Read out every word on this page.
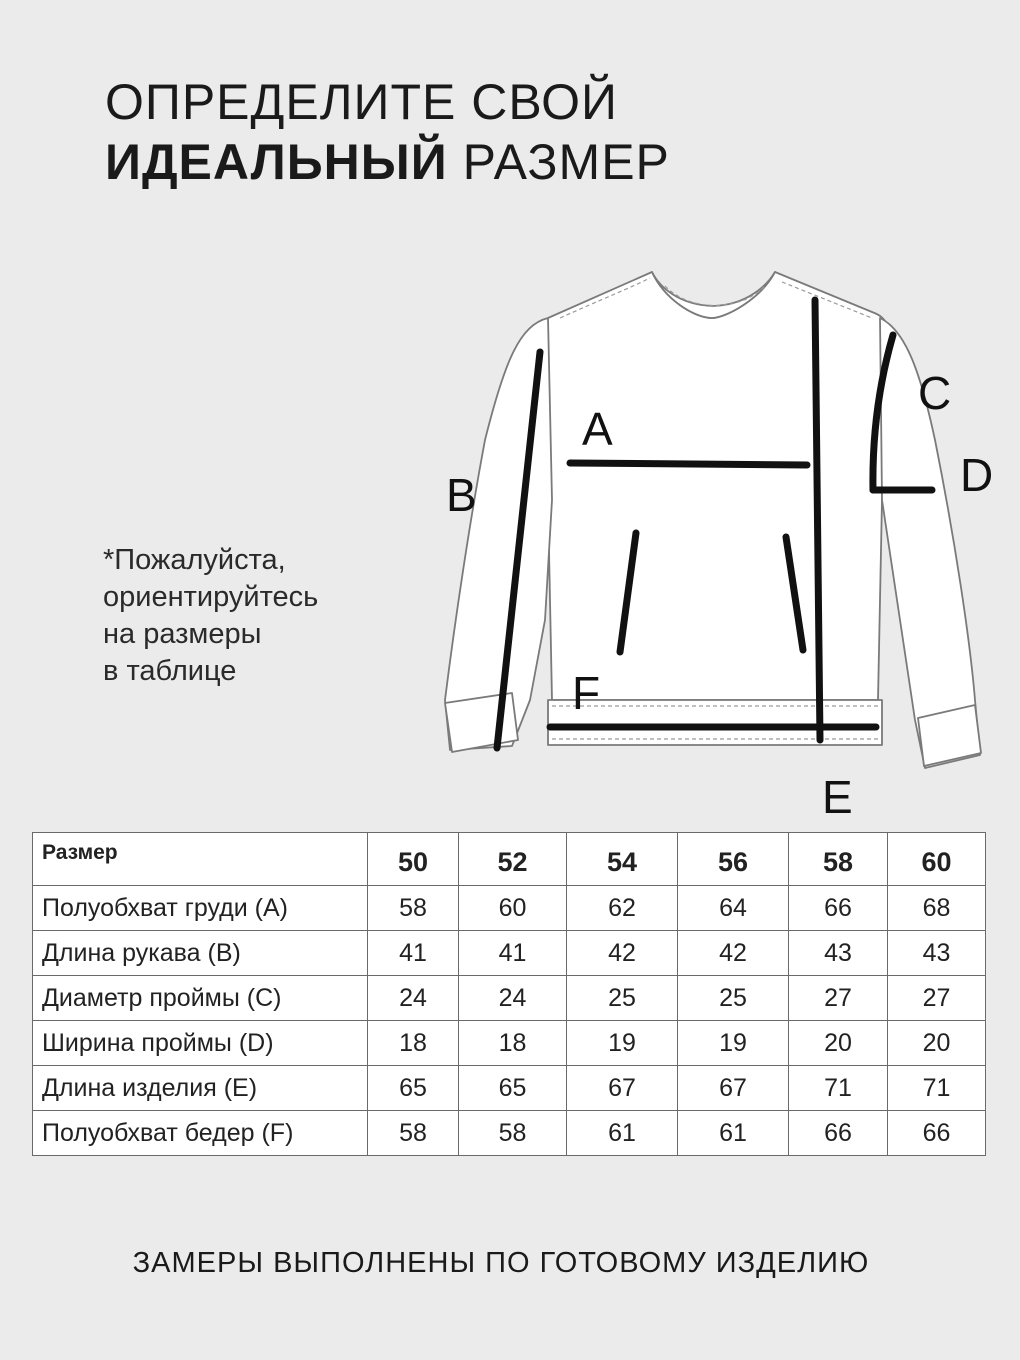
ОПРЕДЕЛИТЕ СВОЙ
ИДЕАЛЬНЫЙ РАЗМЕР
*Пожалуйста,
ориентируйтесь
на размеры
в таблице
A
B
C
D
E
F
Размер	50	52	54	56	58	60
Полуобхват груди (А)	58	60	62	64	66	68
Длина рукава (В)	41	41	42	42	43	43
Диаметр проймы (С)	24	24	25	25	27	27
Ширина проймы (D)	18	18	19	19	20	20
Длина изделия (E)	65	65	67	67	71	71
Полуобхват бедер (F)	58	58	61	61	66	66
ЗАМЕРЫ ВЫПОЛНЕНЫ ПО ГОТОВОМУ ИЗДЕЛИЮ
